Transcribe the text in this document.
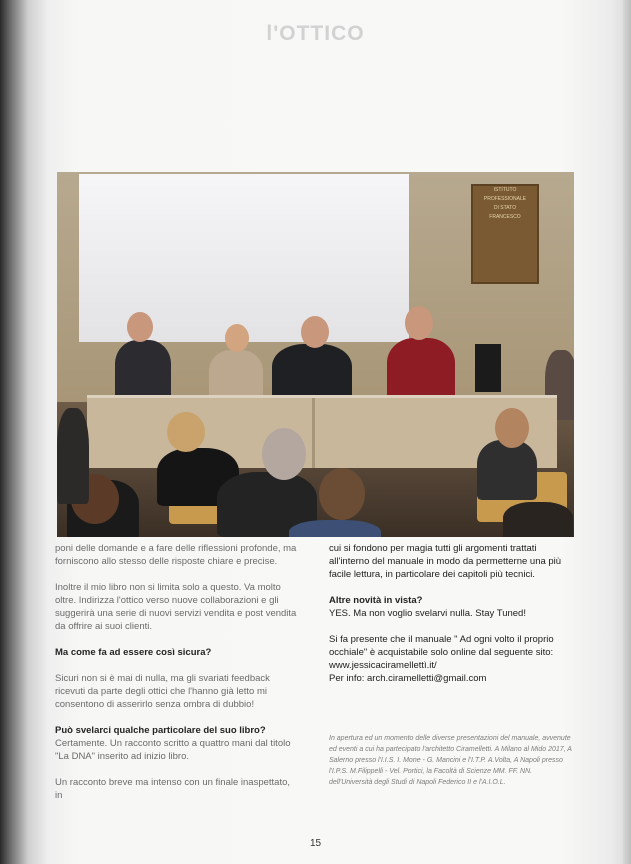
l'OTTICO
ISTITUTO
PROFESSIONALE
DI STATO
FRANCESCO

poni delle domande e a fare delle riflessioni profonde, ma forniscono allo stesso delle risposte chiare e precise.

Inoltre il mio libro non si limita solo a questo. Va molto oltre. Indirizza l'ottico verso nuove collaborazioni e gli suggerirà una serie di nuovi servizi vendita e post vendita da offrire ai suoi clienti.

Ma come fa ad essere così sicura?

Sicuri non si è mai di nulla, ma gli svariati feedback ricevuti da parte degli ottici che l'hanno già letto mi consentono di asserirlo senza ombra di dubbio!

Può svelarci qualche particolare del suo libro?

Certamente. Un racconto scritto a quattro mani dal titolo "La DNA" inserito ad inizio libro.

Un racconto breve ma intenso con un finale inaspettato, in

cui si fondono per magia tutti gli argomenti trattati all'interno del manuale in modo da permetterne una più facile lettura, in particolare dei capitoli più tecnici.

Altre novità in vista?

YES. Ma non voglio svelarvi nulla. Stay Tuned!

Si fa presente che il manuale " Ad ogni volto il proprio occhiale" è acquistabile solo online dal seguente sito: www.jessicaciramellettì.it/

Per info: arch.ciramelletti@gmail.com

In apertura ed un momento delle diverse presentazioni del manuale, avvenute ed eventi a cui ha partecipato l'architetto Ciramelletti. A Milano al Mido 2017, A Salerno presso l'I.I.S. I. Mone - G. Mancini e l'I.T.P. A.Volta, A Napoli presso l'I.P.S. M.Filippelli - Vel. Portici, la Facoltà di Scienze MM. FF. NN. dell'Università degli Studi di Napoli Federico II e l'A.I.O.L.
15
